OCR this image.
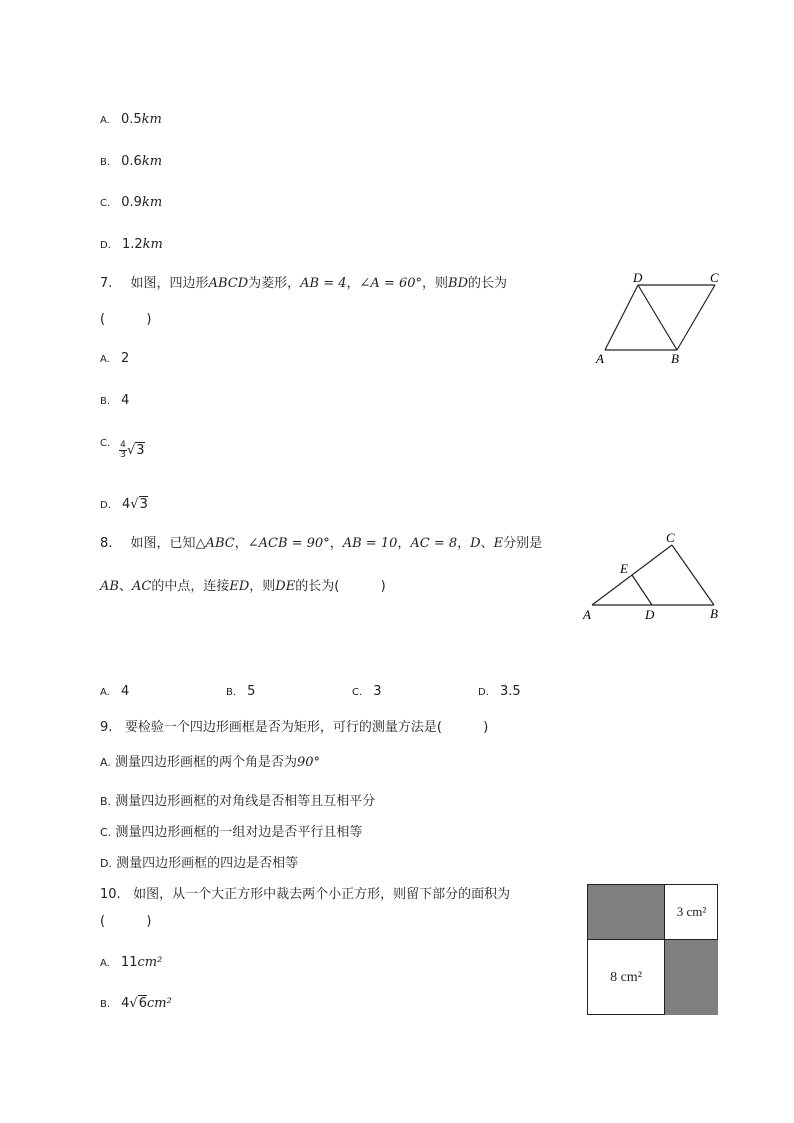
A. 0.5km
B. 0.6km
C. 0.9km
D. 1.2km
7. 如图，四边形ABCD为菱形，AB = 4，∠A = 60°，则BD的长为
(          )
A. 2
B. 4
C. $\frac{4}{3} √3$
D. 4√3
D	C
A	B
8. 如图，已知△ABC，∠ACB = 90°，AB = 10，AC = 8，D、E分别是
AB、AC的中点，连接ED，则DE的长为(          )
A	B
C
D
E
A. 4	B. 5	C. 3	D. 3.5
9. 要检验一个四边形画框是否为矩形，可行的测量方法是(          )
A. 测量四边形画框的两个角是否为90°
B. 测量四边形画框的对角线是否相等且互相平分
C. 测量四边形画框的一组对边是否平行且相等
D. 测量四边形画框的四边是否相等
10. 如图，从一个大正方形中裁去两个小正方形，则留下部分的面积为
(          )
A. 11cm²
B. 4√6cm²
3 cm²
8 cm²
